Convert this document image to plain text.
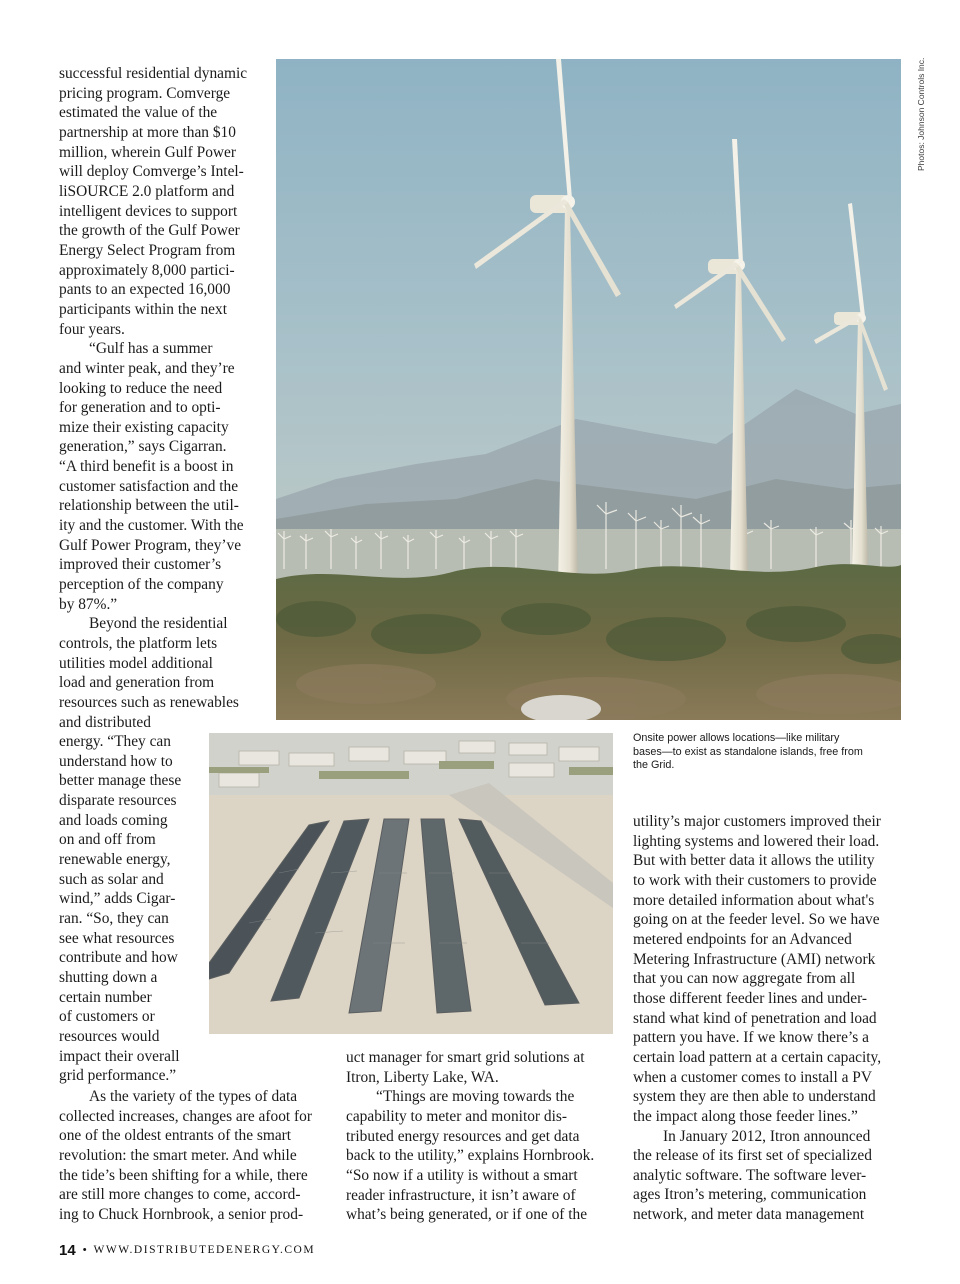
successful residential dynamic
pricing program. Comverge
estimated the value of the
partnership at more than $10
million, wherein Gulf Power
will deploy Comverge’s Intel-
liSOURCE 2.0 platform and
intelligent devices to support
the growth of the Gulf Power
Energy Select Program from
approximately 8,000 partici-
pants to an expected 16,000
participants within the next
four years.

“Gulf has a summer
and winter peak, and they’re
looking to reduce the need
for generation and to opti-
mize their existing capacity
generation,” says Cigarran.
“A third benefit is a boost in
customer satisfaction and the
relationship between the util-
ity and the customer. With the
Gulf Power Program, they’ve
improved their customer’s
perception of the company
by 87%.”

Beyond the residential
controls, the platform lets
utilities model additional
load and generation from
resources such as renewables
and distributed

energy. “They can
understand how to
better manage these
disparate resources
and loads coming
on and off from
renewable energy,
such as solar and
wind,” adds Cigar-
ran. “So, they can
see what resources
contribute and how
shutting down a
certain number
of customers or
resources would
impact their overall
grid performance.”

As the variety of the types of data
collected increases, changes are afoot for
one of the oldest entrants of the smart
revolution: the smart meter. And while
the tide’s been shifting for a while, there
are still more changes to come, accord-
ing to Chuck Hornbrook, a senior prod-

uct manager for smart grid solutions at
Itron, Liberty Lake, WA.

“Things are moving towards the
capability to meter and monitor dis-
tributed energy resources and get data
back to the utility,” explains Hornbrook.
“So now if a utility is without a smart
reader infrastructure, it isn’t aware of
what’s being generated, or if one of the

utility’s major customers improved their
lighting systems and lowered their load.
But with better data it allows the utility
to work with their customers to provide
more detailed information about what's
going on at the feeder level. So we have
metered endpoints for an Advanced
Metering Infrastructure (AMI) network
that you can now aggregate from all
those different feeder lines and under-
stand what kind of penetration and load
pattern you have. If we know there’s a
certain load pattern at a certain capacity,
when a customer comes to install a PV
system they are then able to understand
the impact along those feeder lines.”

In January 2012, Itron announced
the release of its first set of specialized
analytic software. The software lever-
ages Itron’s metering, communication
network, and meter data management

Photos: Johnson Controls Inc.

Onsite power allows locations—like military
bases—to exist as standalone islands, free from
the Grid.

14 • WWW.DISTRIBUTEDENERGY.COM
